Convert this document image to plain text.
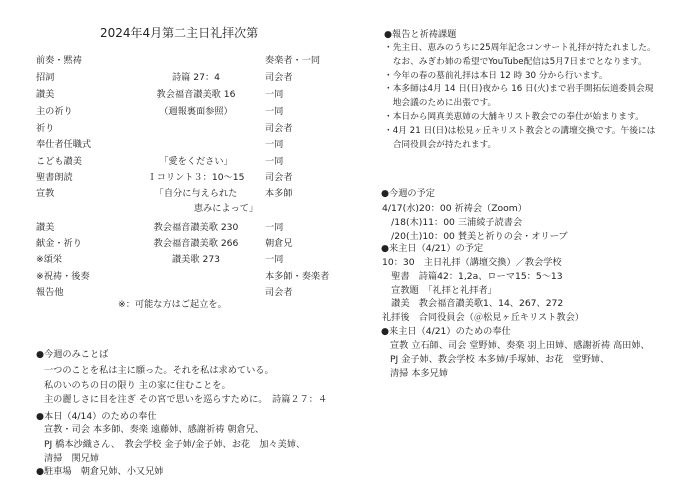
2024年4月第二主日礼拝次第
前奏・黙祷	奏楽者・一同
招詞	詩篇 27：4	司会者
讃美	教会福音讃美歌 16	一同
主の祈り	（週報裏面参照）	一同
祈り	司会者
奉仕者任職式	一同
こども讃美	「愛をください」	一同
聖書朗読	Ｉコリント３：10～15	司会者
宣教	「自分に与えられた	本多師
恵みによって」
讃美	教会福音讃美歌 230	一同
献金・祈り	教会福音讃美歌 266	朝倉兄
※頌栄	讃美歌 273	一同
※祝祷・後奏	本多師・奏楽者
報告他	司会者
※：可能な方はご起立を。
●今週のみことば
一つのことを私は主に願った。それを私は求めている。
私のいのちの日の限り 主の家に住むことを。
主の麗しさに目を注ぎ その宮で思いを巡らすために。　詩篇２７：４
●本日（4/14）のための奉仕
宣教・司会 本多師、奏楽 遠藤姉、感謝祈祷 朝倉兄、
PJ 橋本沙織さん、　教会学校 金子姉/金子姉、お花　加々美姉、
清掃　関兄姉
●駐車場　朝倉兄姉、小又兄姉
●報告と祈祷課題
・先主日、恵みのうちに25周年記念コンサート礼拝が持たれました。
　なお、みぎわ姉の希望でYouTube配信は5月7日までとなります。
・今年の春の墓前礼拝は本日 12 時 30 分から行います。
・本多師は4月 14 日(日)夜から 16 日(火)まで岩手開拓伝道委員会現
　地会議のために出張です。
・本日から岡真美恵姉の大舗キリスト教会での奉仕が始まります。
・4月 21 日(日)は松見ヶ丘キリスト教会との講壇交換です。午後には
　合同役員会が持たれます。
●今週の予定
4/17(水)20：00 祈祷会（Zoom）
　/18(木)11：00 三浦綾子読書会
　/20(土)10：00 賛美と祈りの会・オリーブ
●来主日（4/21）の予定
10：30　主日礼拝（講壇交換）／教会学校
　聖書　詩篇42：1,2a、ローマ15：5～13
　宣教題　「礼拝と礼拝者」
　讃美　教会福音讃美歌1、14、267、272
礼拝後　合同役員会（＠松見ヶ丘キリスト教会）
●来主日（4/21）のための奉仕
宣教 立石師、司会 堂野姉、奏楽 羽上田姉、感謝祈祷 高田姉、
PJ 金子姉、教会学校 本多姉/手塚姉、お花　堂野姉、
清掃 本多兄姉
